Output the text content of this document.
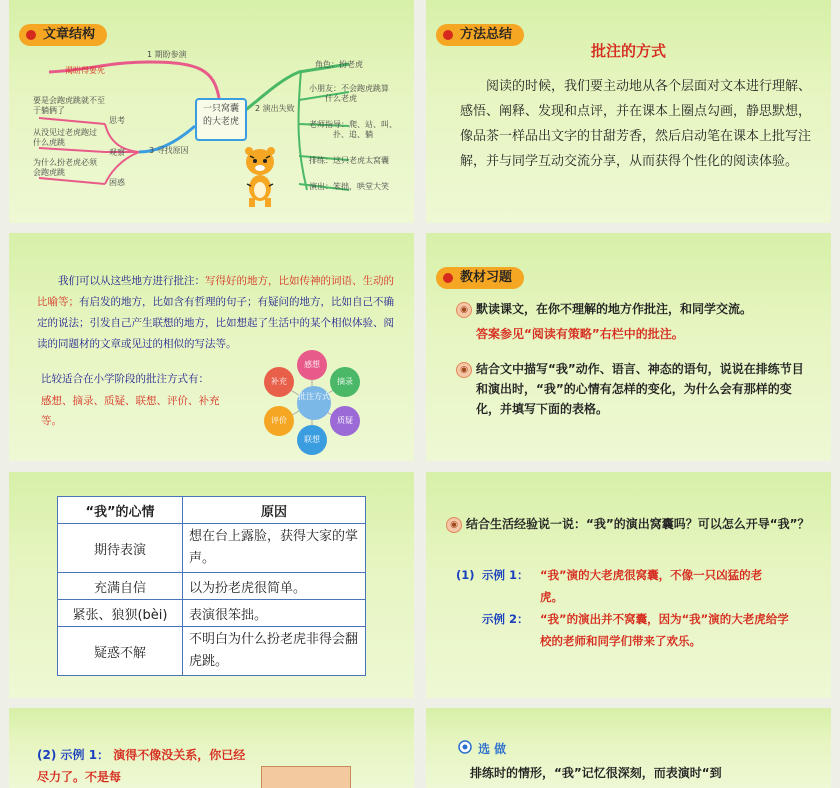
文章结构
一只窝囊
的大老虎
1 期盼参演
渴盼得要死
2 演出失败
角色：扮老虎
小朋友：不会跑虎跳算
什么老虎
老师指导：爬、站、叫、
扑、追、躺
排练：这只老虎太窝囊
演出：笨拙，哄堂大笑
3 寻找原因
思考
观察
困惑
要是会跑虎跳就不至
于躺俩了
从没见过老虎跑过
什么虎跳
为什么扮老虎必须
会跑虎跳
方法总结
批注的方式
阅读的时候，我们要主动地从各个层面对文本进行理解、感悟、阐释、发现和点评，并在课本上圈点勾画，静思默想，像品茶一样品出文字的甘甜芳香，然后启动笔在课本上批写注解，并与同学互动交流分享，从而获得个性化的阅读体验。
我们可以从这些地方进行批注：写得好的地方，比如传神的词语、生动的比喻等；有启发的地方，比如含有哲理的句子；有疑问的地方，比如自己不确定的说法；引发自己产生联想的地方，比如想起了生活中的某个相似体验、阅读的同题材的文章或见过的相似的写法等。
比较适合在小学阶段的批注方式有：
感想、摘录、质疑、联想、评价、补充等。
批注方式
感想
摘录
质疑
联想
评价
补充
教材习题
◉ 默读课文，在你不理解的地方作批注，和同学交流。
答案参见“阅读有策略”右栏中的批注。
◉ 结合文中描写“我”动作、语言、神态的语句，说说在排练节目和演出时，“我”的心情有怎样的变化，为什么会有那样的变化，并填写下面的表格。
“我”的心情	原因
期待表演	想在台上露脸，获得大家的掌声。
充满自信	以为扮老虎很简单。
紧张、狼狈(bèi)	表演很笨拙。
疑惑不解	不明白为什么扮老虎非得会翻虎跳。
◉ 结合生活经验说一说：“我”的演出窝囊吗？可以怎么开导“我”？
(1) 示例 1： “我”演的大老虎很窝囊，不像一只凶猛的老虎。
示例 2： “我”的演出并不窝囊，因为“我”演的大老虎给学校的老师和同学们带来了欢乐。
(2) 示例 1： 演得不像没关系，你已经尽力了。不是每
选 做
排练时的情形，“我”记忆很深刻，而表演时“到
